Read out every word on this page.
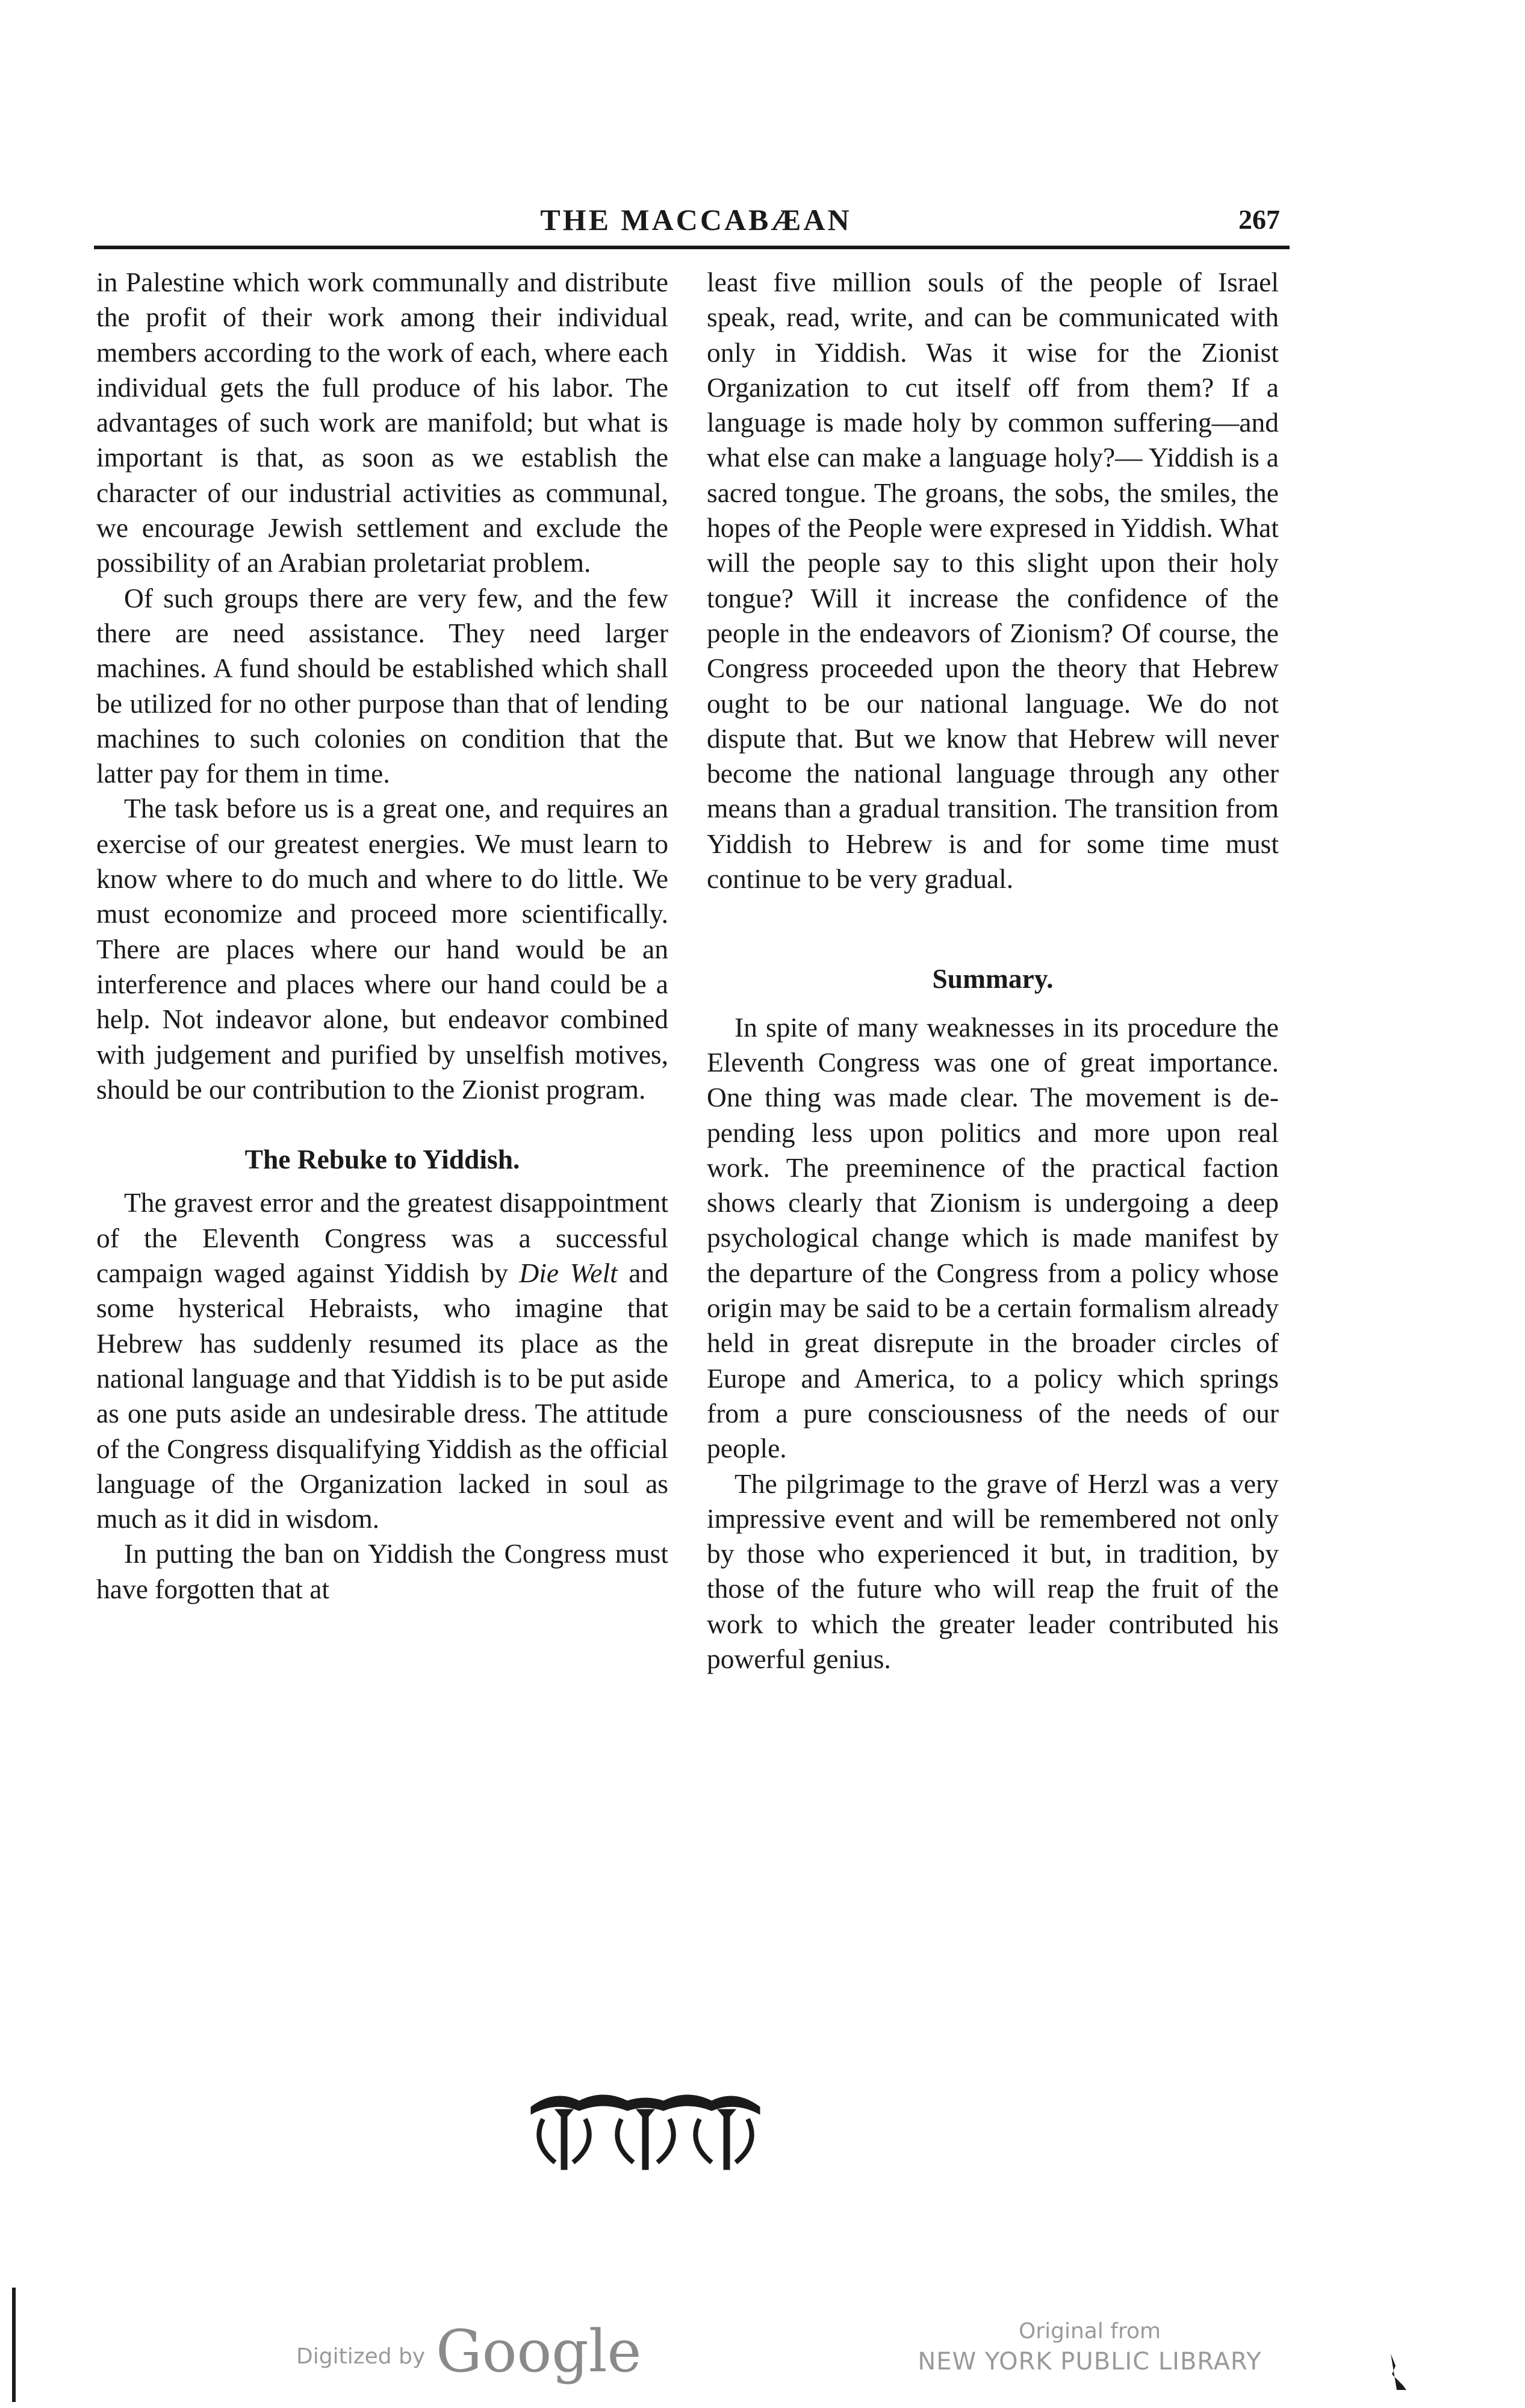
THE MACCABÆAN	267

in Palestine which work communally and distribute the profit of their work among their individual members according to the work of each, where each individual gets the full produce of his labor. The advantages of such work are manifold; but what is important is that, as soon as we establish the character of our industrial activities as communal, we encourage Jewish settlement and exclude the possibility of an Arabian proletariat problem.

Of such groups there are very few, and the few there are need assistance. They need larger machines. A fund should be established which shall be utilized for no other purpose than that of lending machines to such colonies on condition that the latter pay for them in time.

The task before us is a great one, and requires an exercise of our greatest energies. We must learn to know where to do much and where to do little. We must economize and proceed more scientifically. There are places where our hand would be an interference and places where our hand could be a help. Not indeavor alone, but endeavor combined with judgement and purified by unselfish motives, should be our contribution to the Zionist program.

The Rebuke to Yiddish.

The gravest error and the greatest disappointment of the Eleventh Congress was a successful campaign waged against Yiddish by Die Welt and some hysterical Hebraists, who imagine that Hebrew has suddenly resumed its place as the national language and that Yiddish is to be put aside as one puts aside an undesirable dress. The attitude of the Congress disqualifying Yiddish as the official language of the Organization lacked in soul as much as it did in wisdom.

In putting the ban on Yiddish the Congress must have forgotten that at

least five million souls of the people of Israel speak, read, write, and can be communicated with only in Yiddish. Was it wise for the Zionist Organization to cut itself off from them? If a language is made holy by common suffering—and what else can make a language holy?— Yiddish is a sacred tongue. The groans, the sobs, the smiles, the hopes of the People were expresed in Yiddish. What will the people say to this slight upon their holy tongue? Will it increase the confidence of the people in the endeavors of Zionism? Of course, the Congress proceeded upon the theory that Hebrew ought to be our national language. We do not dispute that. But we know that Hebrew will never become the national language through any other means than a gradual transition. The transition from Yiddish to Hebrew is and for some time must continue to be very gradual.

Summary.

In spite of many weaknesses in its procedure the Eleventh Congress was one of great importance. One thing was made clear. The movement is depending less upon politics and more upon real work. The preeminence of the practical faction shows clearly that Zionism is undergoing a deep psychological change which is made manifest by the departure of the Congress from a policy whose origin may be said to be a certain formalism already held in great disrepute in the broader circles of Europe and America, to a policy which springs from a pure consciousness of the needs of our people.

The pilgrimage to the grave of Herzl was a very impressive event and will be remembered not only by those who experienced it but, in tradition, by those of the future who will reap the fruit of the work to which the greater leader contributed his powerful genius.

Digitized by Google	Original from
NEW YORK PUBLIC LIBRARY
